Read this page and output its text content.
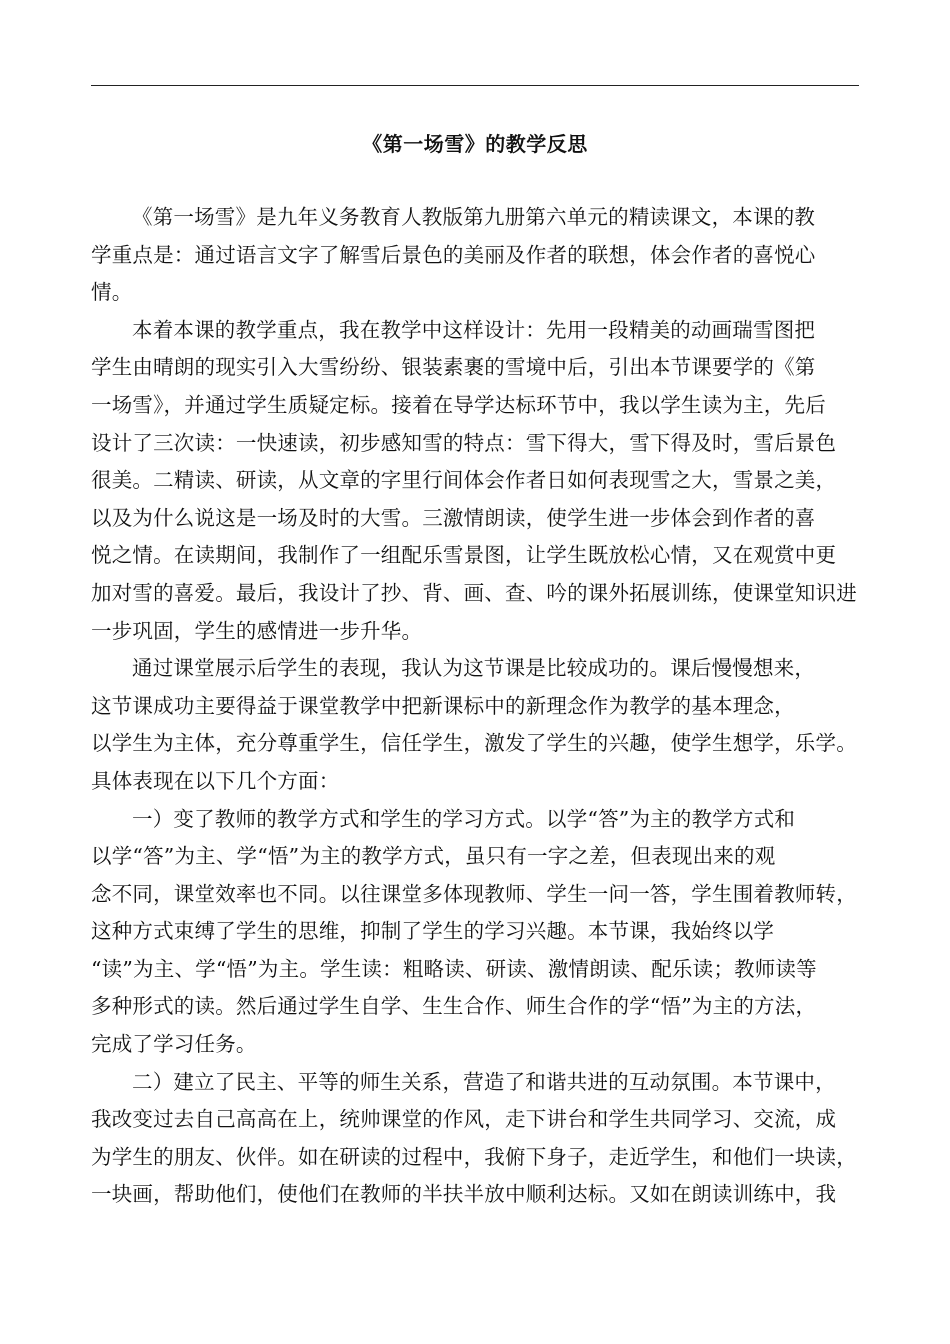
《第一场雪》的教学反思
《第一场雪》是九年义务教育人教版第九册第六单元的精读课文，本课的教
学重点是：通过语言文字了解雪后景色的美丽及作者的联想，体会作者的喜悦心
情。
本着本课的教学重点，我在教学中这样设计：先用一段精美的动画瑞雪图把
学生由晴朗的现实引入大雪纷纷、银装素裹的雪境中后，引出本节课要学的《第
一场雪》，并通过学生质疑定标。接着在导学达标环节中，我以学生读为主，先后
设计了三次读：一快速读，初步感知雪的特点：雪下得大，雪下得及时，雪后景色
很美。二精读、研读，从文章的字里行间体会作者日如何表现雪之大，雪景之美，
以及为什么说这是一场及时的大雪。三激情朗读，使学生进一步体会到作者的喜
悦之情。在读期间，我制作了一组配乐雪景图，让学生既放松心情，又在观赏中更
加对雪的喜爱。最后，我设计了抄、背、画、查、吟的课外拓展训练，使课堂知识进
一步巩固，学生的感情进一步升华。
通过课堂展示后学生的表现，我认为这节课是比较成功的。课后慢慢想来，
这节课成功主要得益于课堂教学中把新课标中的新理念作为教学的基本理念，
以学生为主体，充分尊重学生，信任学生，激发了学生的兴趣，使学生想学，乐学。
具体表现在以下几个方面：
一）变了教师的教学方式和学生的学习方式。以学“答”为主的教学方式和
以学“答”为主、学“悟”为主的教学方式，虽只有一字之差，但表现出来的观
念不同，课堂效率也不同。以往课堂多体现教师、学生一问一答，学生围着教师转，
这种方式束缚了学生的思维，抑制了学生的学习兴趣。本节课，我始终以学
“读”为主、学“悟”为主。学生读：粗略读、研读、激情朗读、配乐读；教师读等
多种形式的读。然后通过学生自学、生生合作、师生合作的学“悟”为主的方法，
完成了学习任务。
二）建立了民主、平等的师生关系，营造了和谐共进的互动氛围。本节课中，
我改变过去自己高高在上，统帅课堂的作风，走下讲台和学生共同学习、交流，成
为学生的朋友、伙伴。如在研读的过程中，我俯下身子，走近学生，和他们一块读，
一块画，帮助他们，使他们在教师的半扶半放中顺利达标。又如在朗读训练中，我
